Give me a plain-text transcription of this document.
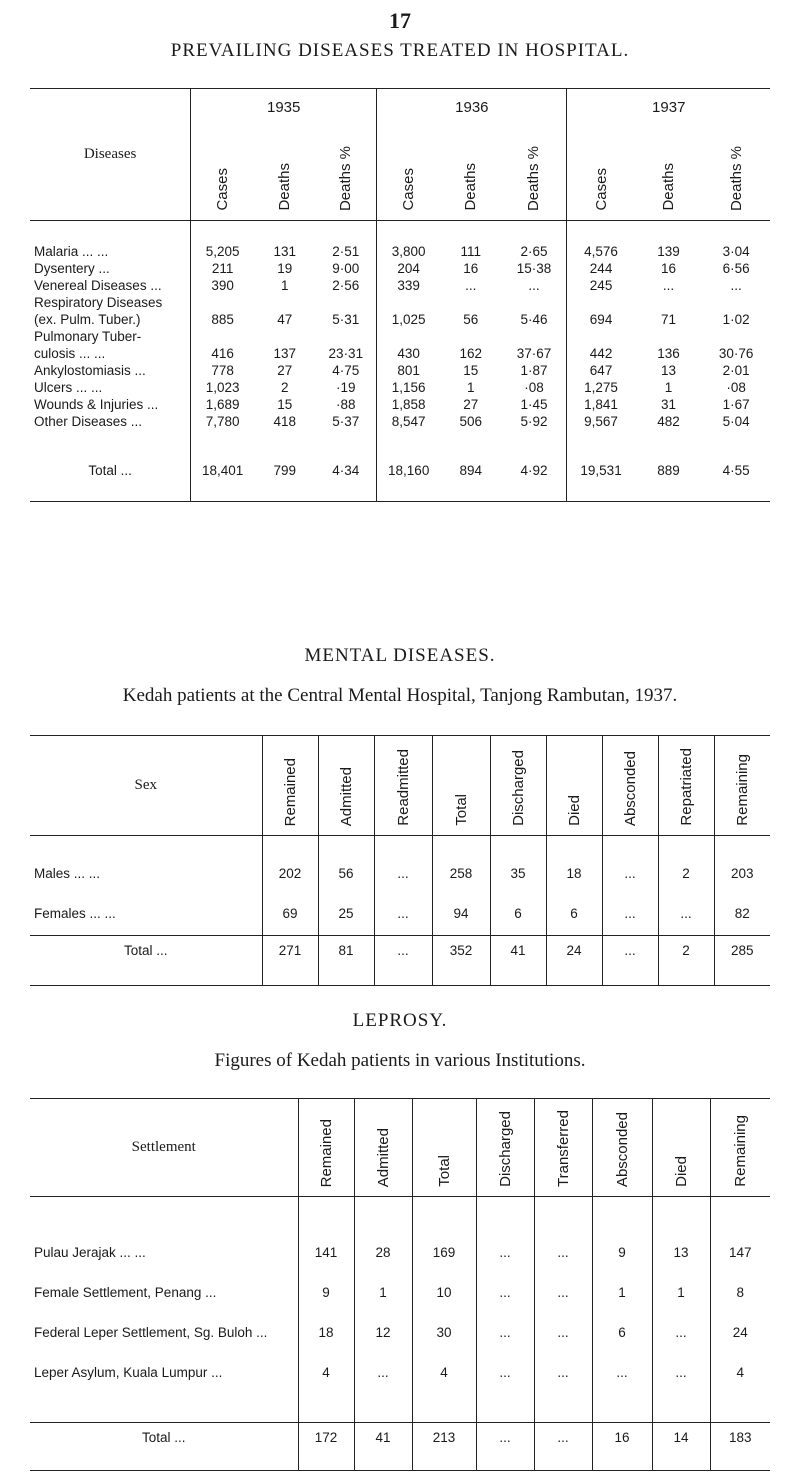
17
PREVAILING DISEASES TREATED IN HOSPITAL.
Diseases	1935			1936			1937		
	Cases	Deaths	Deaths %	Cases	Deaths	Deaths %	Cases	Deaths	Deaths %

Malaria ... ...	5,205	131	2·51	3,800	111	2·65	4,576	139	3·04
Dysentery ...	211	19	9·00	204	16	15·38	244	16	6·56
Venereal Diseases ...	390	1	2·56	339	...	...	245	...	...
Respiratory Diseases									
(ex. Pulm. Tuber.)	885	47	5·31	1,025	56	5·46	694	71	1·02
Pulmonary Tuber-									
culosis ... ...	416	137	23·31	430	162	37·67	442	136	30·76
Ankylostomiasis ...	778	27	4·75	801	15	1·87	647	13	2·01
Ulcers ... ...	1,023	2	·19	1,156	1	·08	1,275	1	·08
Wounds & Injuries ...	1,689	15	·88	1,858	27	1·45	1,841	31	1·67
Other Diseases ...	7,780	418	5·37	8,547	506	5·92	9,567	482	5·04

Total ...	18,401	799	4·34	18,160	894	4·92	19,531	889	4·55

MENTAL DISEASES.
Kedah patients at the Central Mental Hospital, Tanjong Rambutan, 1937.
Sex	Remained	Admitted	Readmitted	Total	Discharged	Died	Absconded	Repatriated	Remaining

Males ... ...	202	56	...	258	35	18	...	2	203
Females ... ...	69	25	...	94	6	6	...	...	82

Total ...	271	81	...	352	41	24	...	2	285

LEPROSY.
Figures of Kedah patients in various Institutions.
Settlement	Remained	Admitted	Total	Discharged	Transferred	Absconded	Died	Remaining

Pulau Jerajak ... ...	141	28	169	...	...	9	13	147
Female Settlement, Penang ...	9	1	10	...	...	1	1	8
Federal Leper Settlement, Sg. Buloh ...	18	12	30	...	...	6	...	24
Leper Asylum, Kuala Lumpur ...	4	...	4	...	...	...	...	4

Total ...	172	41	213	...	...	16	14	183
